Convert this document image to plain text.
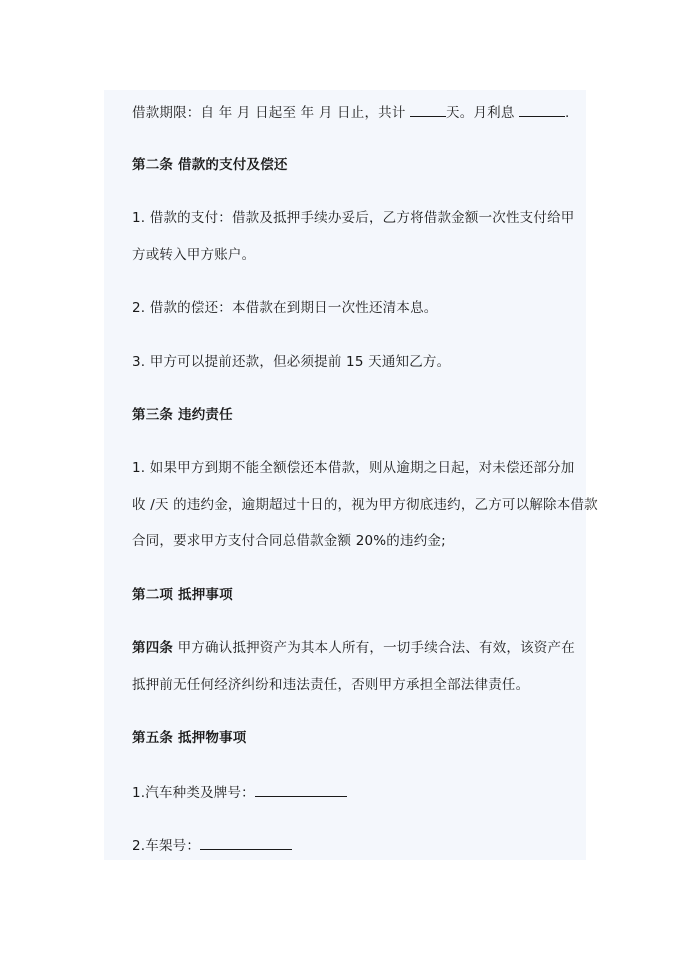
借款期限：自 年 月 日起至 年 月 日止，共计	天。月利息	.
第二条 借款的支付及偿还
1. 借款的支付：借款及抵押手续办妥后，乙方将借款金额一次性支付给甲
方或转入甲方账户。
2. 借款的偿还：本借款在到期日一次性还清本息。
3. 甲方可以提前还款，但必须提前 15 天通知乙方。
第三条 违约责任
1. 如果甲方到期不能全额偿还本借款，则从逾期之日起，对未偿还部分加
收 /天 的违约金，逾期超过十日的，视为甲方彻底违约，乙方可以解除本借款
合同，要求甲方支付合同总借款金额 20%的违约金;
第二项 抵押事项
第四条 甲方确认抵押资产为其本人所有，一切手续合法、有效，该资产在
抵押前无任何经济纠纷和违法责任，否则甲方承担全部法律责任。
第五条 抵押物事项
1.汽车种类及牌号：
2.车架号：
